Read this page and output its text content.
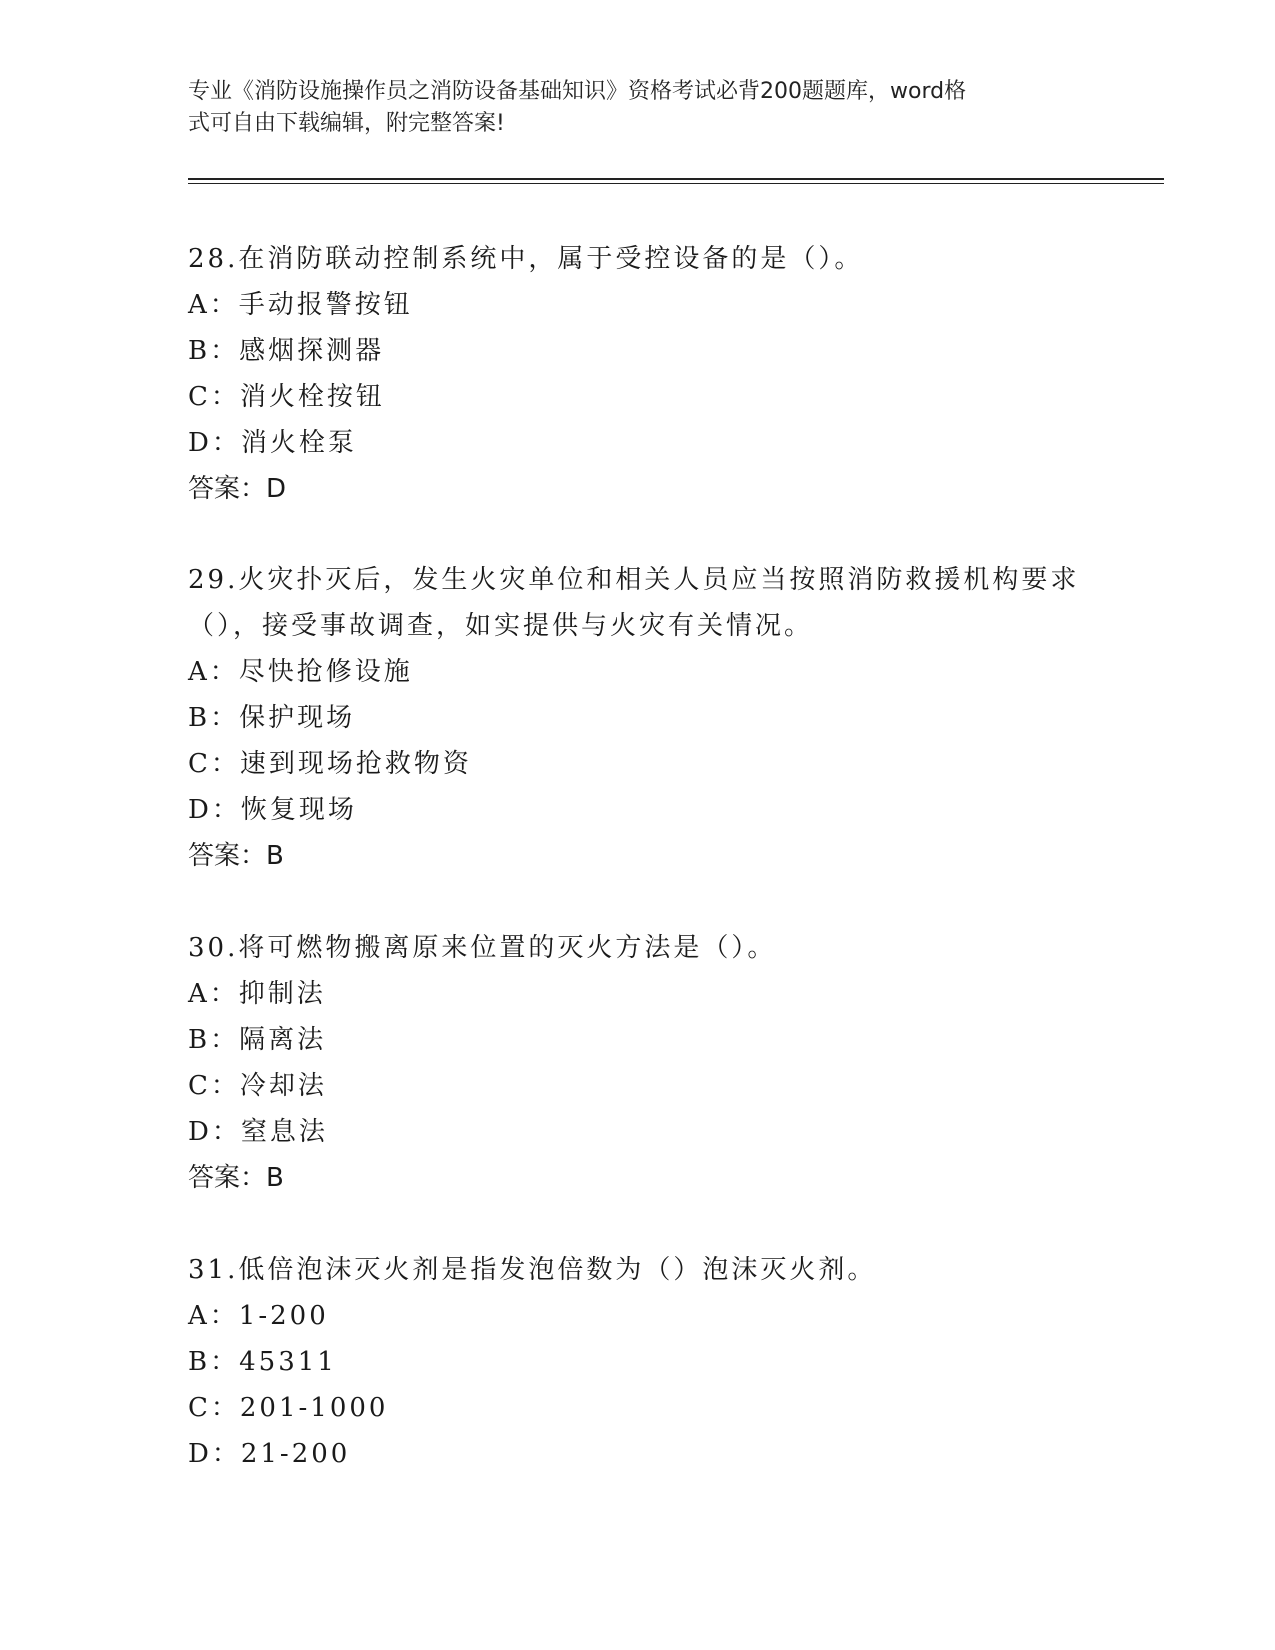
专业《消防设施操作员之消防设备基础知识》资格考试必背200题题库，word格
式可自由下载编辑，附完整答案!

28.在消防联动控制系统中，属于受控设备的是（）。

A：手动报警按钮

B：感烟探测器

C：消火栓按钮

D：消火栓泵

答案：D

29.火灾扑灭后，发生火灾单位和相关人员应当按照消防救援机构要求（），接受事故调查，如实提供与火灾有关情况。

A：尽快抢修设施

B：保护现场

C：速到现场抢救物资

D：恢复现场

答案：B

30.将可燃物搬离原来位置的灭火方法是（）。

A：抑制法

B：隔离法

C：冷却法

D：窒息法

答案：B

31.低倍泡沫灭火剂是指发泡倍数为（）泡沫灭火剂。

A：1-200

B：45311

C：201-1000

D：21-200
